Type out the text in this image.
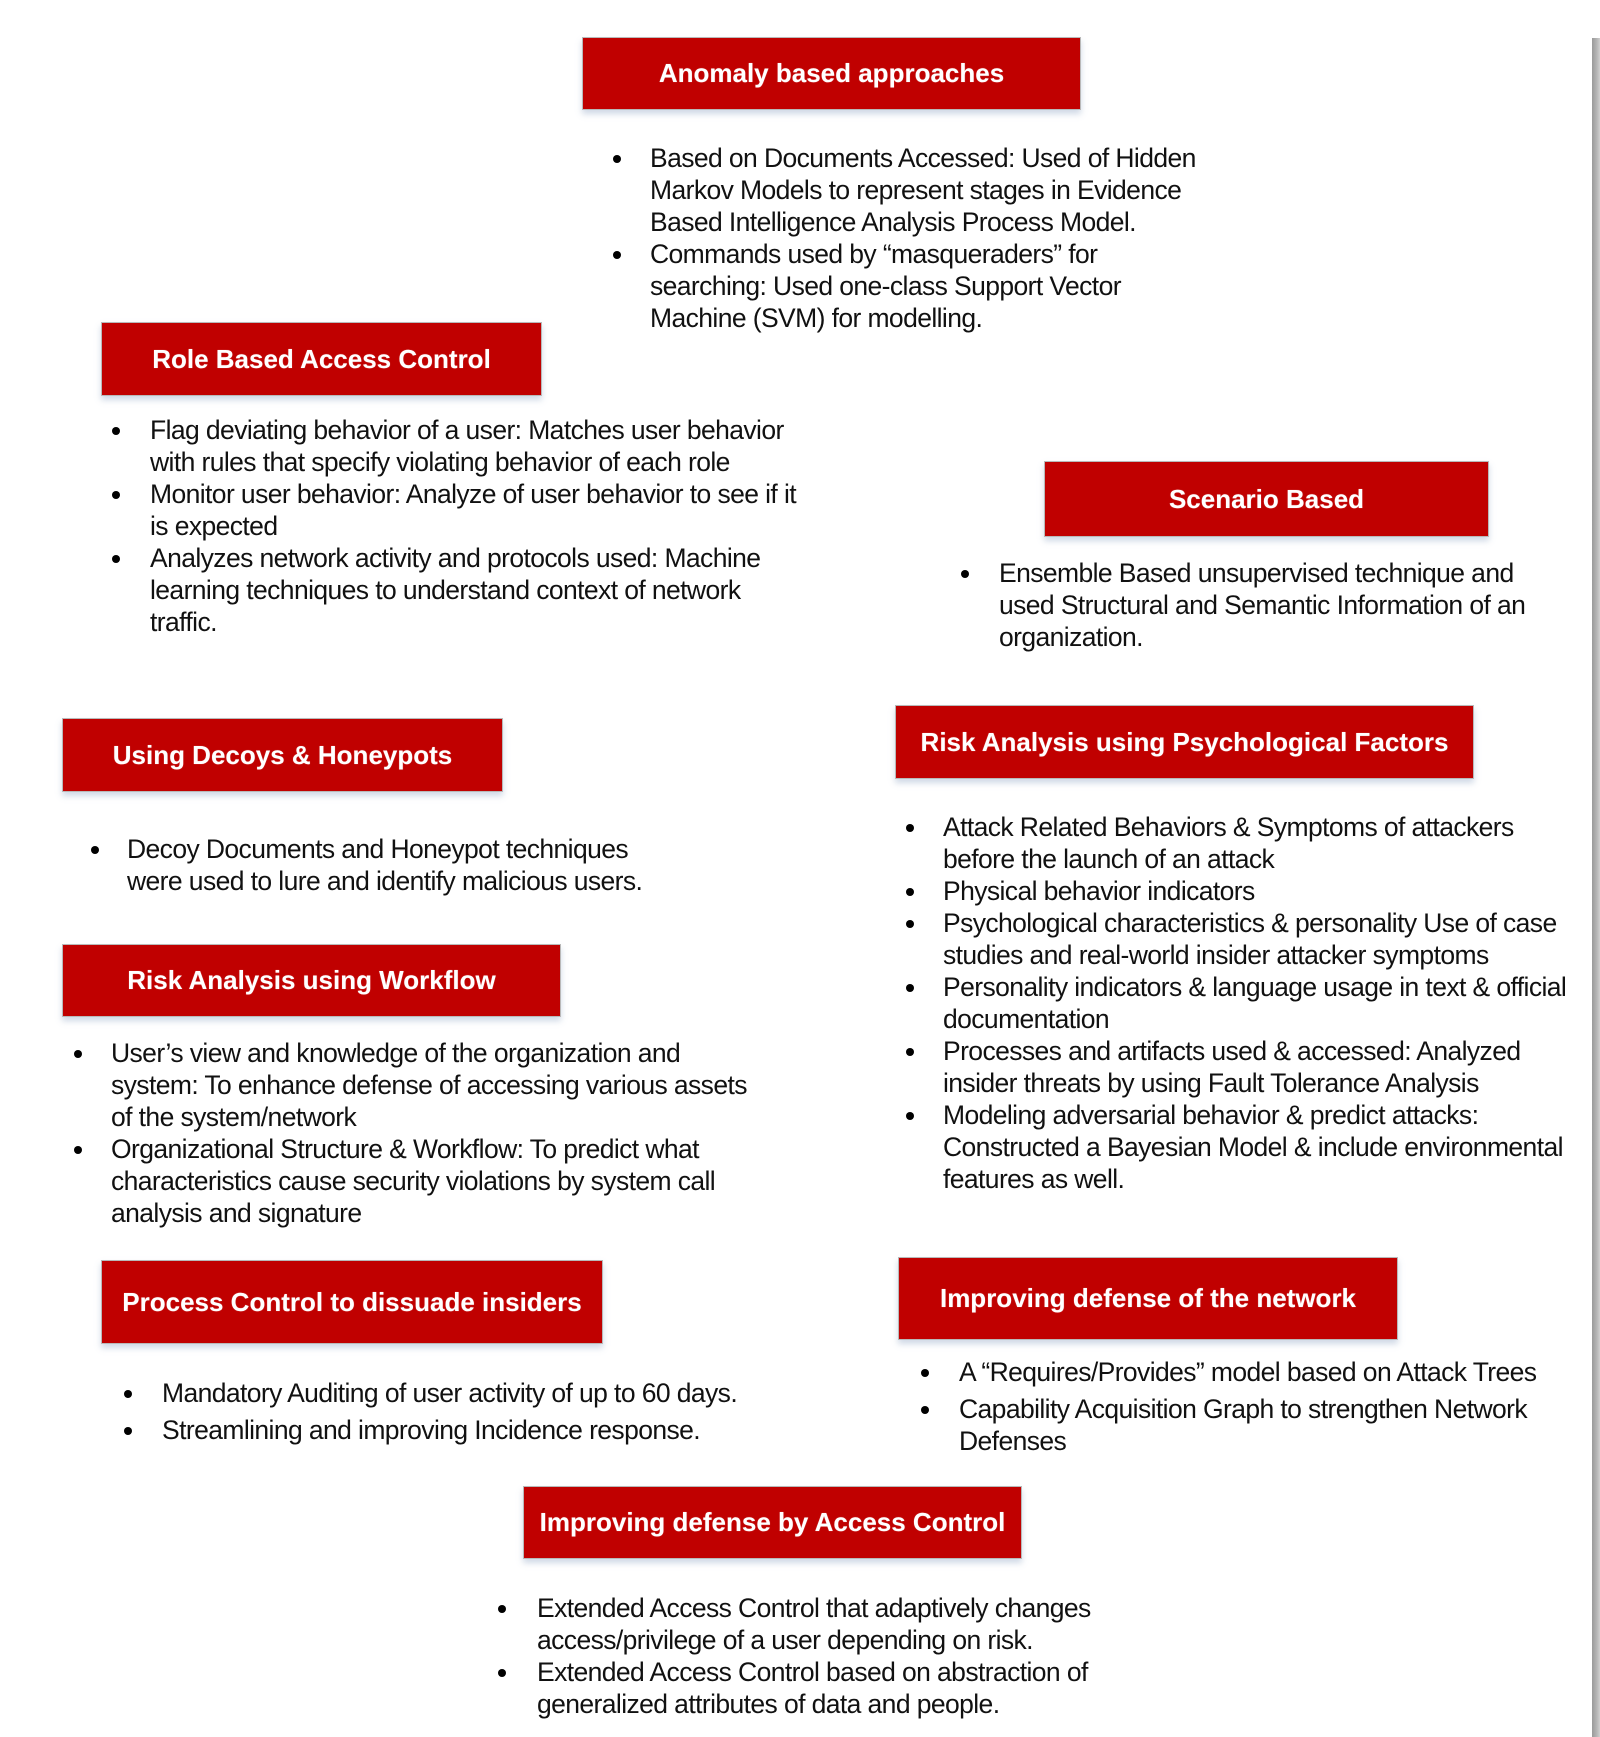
Anomaly based approaches
Based on Documents Accessed: Used of Hidden Markov Models to represent stages in Evidence Based Intelligence Analysis Process Model.
Commands used by “masqueraders” for searching: Used one-class Support Vector Machine (SVM) for modelling.
Role Based Access Control
Flag deviating behavior of a user: Matches user behavior with rules that specify violating behavior of each role
Monitor user behavior: Analyze of user behavior to see if it is expected
Analyzes network activity and protocols used: Machine learning techniques to understand context of network traffic.
Scenario Based
Ensemble Based unsupervised technique and used Structural and Semantic Information of an organization.
Using Decoys & Honeypots
Decoy Documents and Honeypot techniques were used to lure and identify malicious users.
Risk Analysis using Psychological Factors
Attack Related Behaviors & Symptoms of attackers before the launch of an attack
Physical behavior indicators
Psychological characteristics & personality Use of case studies and real-world insider attacker symptoms
Personality indicators & language usage in text & official documentation
Processes and artifacts used & accessed: Analyzed insider threats by using Fault Tolerance Analysis
Modeling adversarial behavior & predict attacks: Constructed a Bayesian Model & include environmental features as well.
Risk Analysis using Workflow
User’s view and knowledge of the organization and system: To enhance defense of accessing various assets of the system/network
Organizational Structure & Workflow: To predict what characteristics cause security violations by system call analysis and signature
Process Control to dissuade insiders
Mandatory Auditing of user activity of up to 60 days.
Streamlining and improving Incidence response.
Improving defense of the network
A “Requires/Provides” model based on Attack Trees
Capability Acquisition Graph to strengthen Network Defenses
Improving defense by Access Control
Extended Access Control that adaptively changes access/privilege of a user depending on risk.
Extended Access Control based on abstraction of generalized attributes of data and people.
